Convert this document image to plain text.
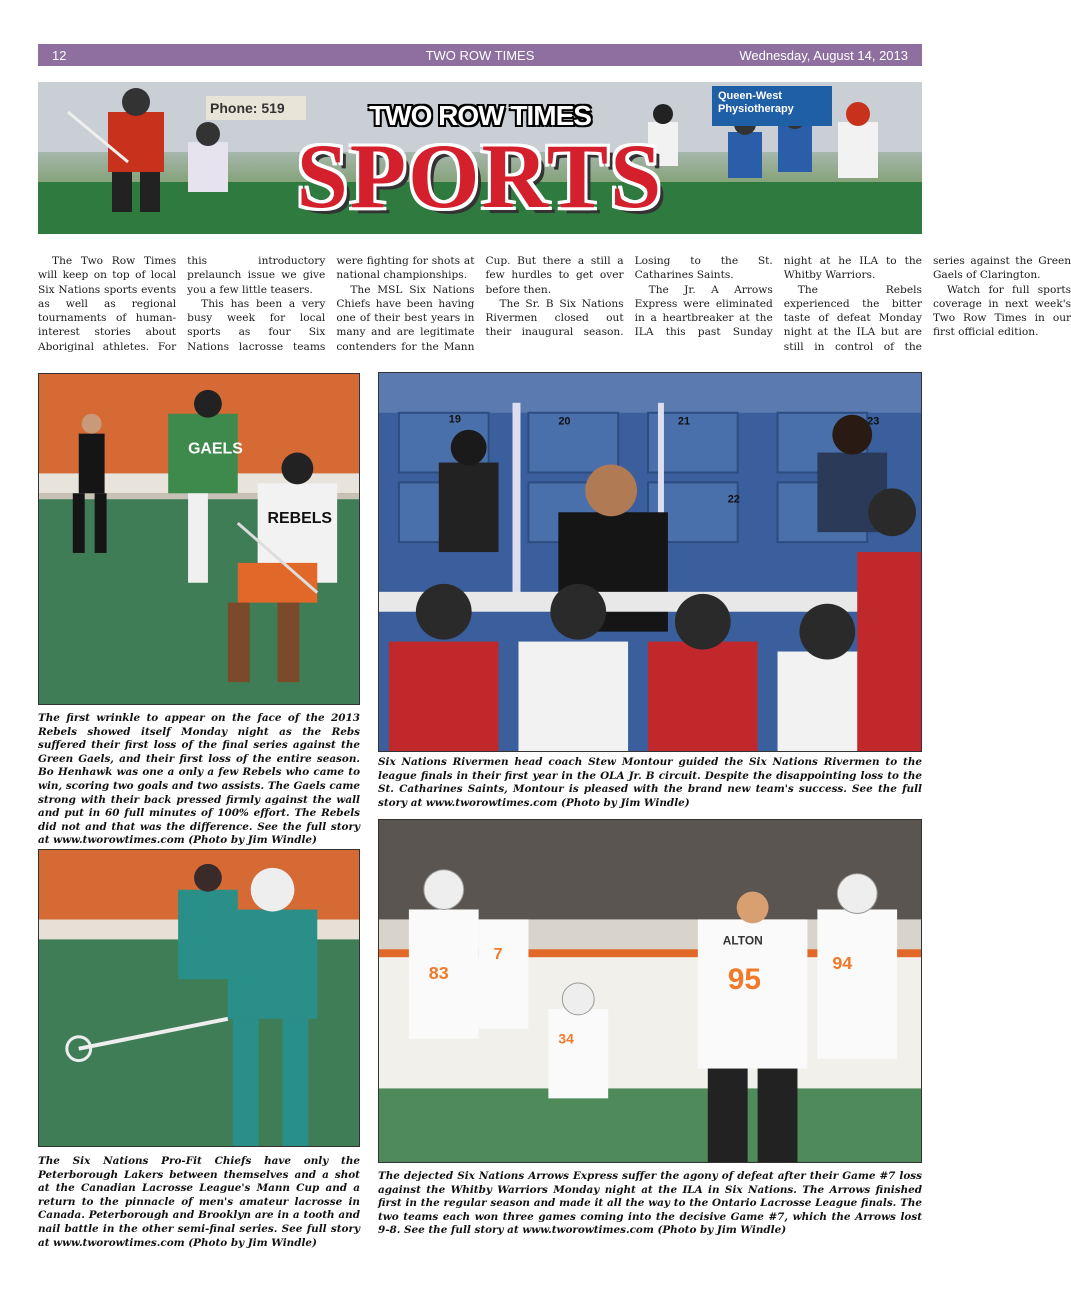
12	TWO ROW TIMES	Wednesday, August 14, 2013
Phone: 519
Queen-West
Physiotherapy
TWO ROW TIMES
SPORTS

The Two Row Times will keep on top of local Six Nations sports events as well as regional tournaments of human-interest stories about Aboriginal athletes. For this introductory prelaunch issue we give you a few little teasers.

This has been a very busy week for local sports as four Six Nations lacrosse teams were fighting for shots at national championships.

The MSL Six Nations Chiefs have been having one of their best years in many and are legitimate contenders for the Mann Cup. But there a still a few hurdles to get over before then.

The Sr. B Six Nations Rivermen closed out their inaugural season. Losing to the St. Catharines Saints.

The Jr. A Arrows Express were eliminated in a heartbreaker at the ILA this past Sunday night at he ILA to the Whitby Warriors.

The Rebels experienced the bitter taste of defeat Monday night at the ILA but are still in control of the series against the Green Gaels of Clarington.

Watch for full sports coverage in next week's Two Row Times in our first official edition.

GAELS
REBELS
The first wrinkle to appear on the face of the 2013 Rebels showed itself Monday night as the Rebs suffered their first loss of the final series against the Green Gaels, and their first loss of the entire season. Bo Henhawk was one a only a few Rebels who came to win, scoring two goals and two assists. The Gaels came strong with their back pressed firmly against the wall and put in 60 full minutes of 100% effort. The Rebels did not and that was the difference. See the full story at www.tworowtimes.com (Photo by Jim Windle)
19	20	21	23
22
Six Nations Rivermen head coach Stew Montour guided the Six Nations Rivermen to the league finals in their first year in the OLA Jr. B circuit. Despite the disappointing loss to the St. Catharines Saints, Montour is pleased with the brand new team's success. See the full story at www.tworowtimes.com (Photo by Jim Windle)
The Six Nations Pro-Fit Chiefs have only the Peterborough Lakers between themselves and a shot at the Canadian Lacrosse League's Mann Cup and a return to the pinnacle of men's amateur lacrosse in Canada. Peterborough and Brooklyn are in a tooth and nail battle in the other semi-final series. See full story at www.tworowtimes.com (Photo by Jim Windle)
83
7
34
ALTON
95	94
The dejected Six Nations Arrows Express suffer the agony of defeat after their Game #7 loss against the Whitby Warriors Monday night at the ILA in Six Nations. The Arrows finished first in the regular season and made it all the way to the Ontario Lacrosse League finals. The two teams each won three games coming into the decisive Game #7, which the Arrows lost 9-8. See the full story at www.tworowtimes.com (Photo by Jim Windle)
